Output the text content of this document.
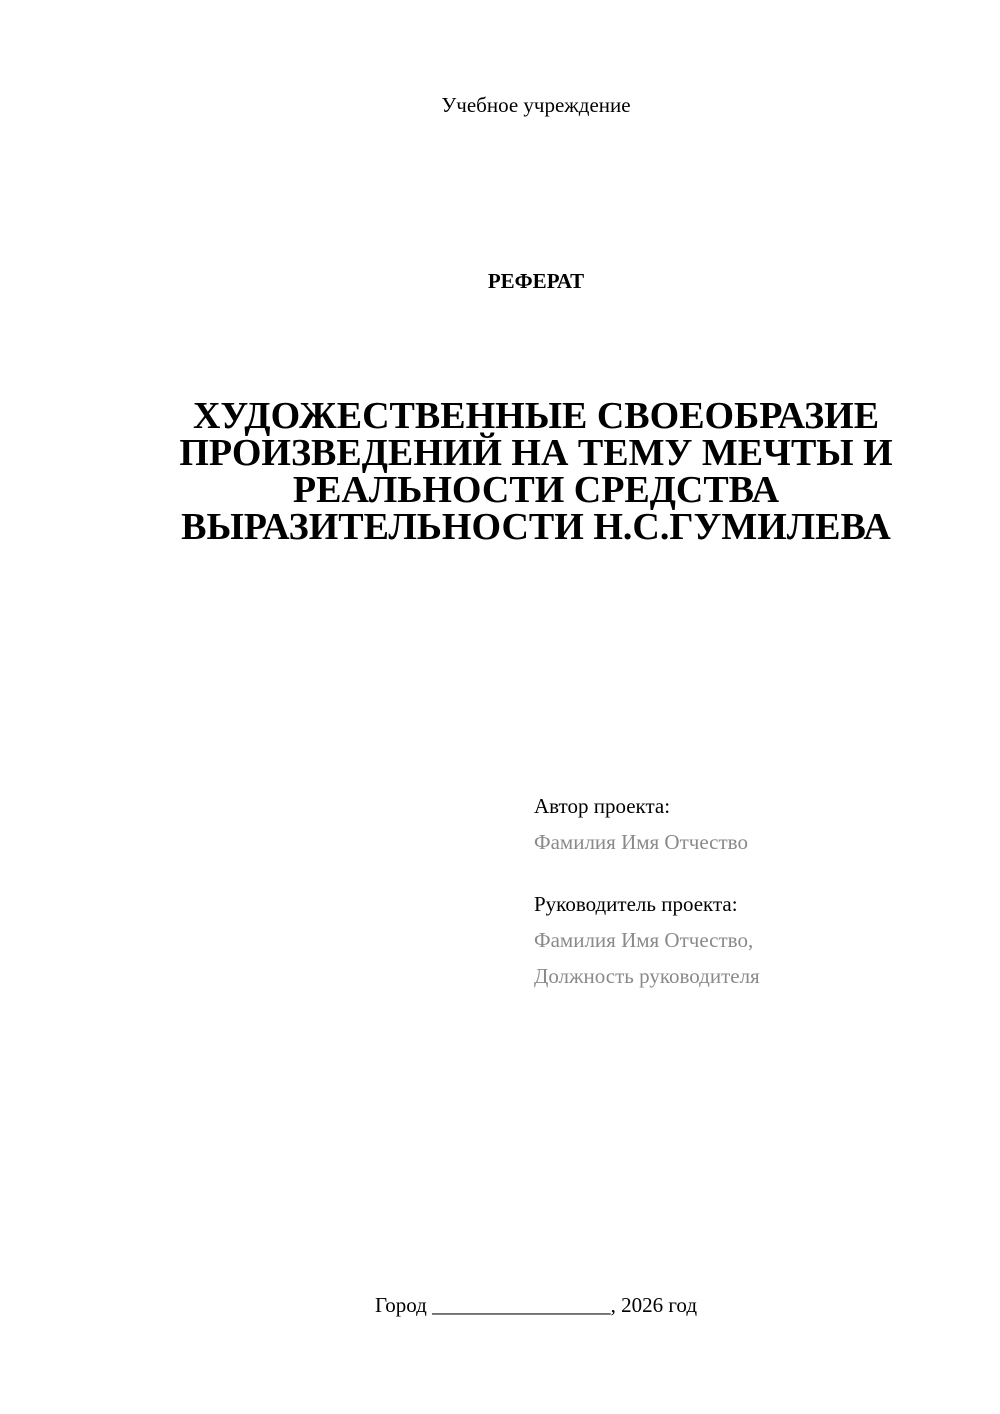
Учебное учреждение
РЕФЕРАТ
ХУДОЖЕСТВЕННЫЕ СВОЕОБРАЗИЕ
ПРОИЗВЕДЕНИЙ НА ТЕМУ МЕЧТЫ И
РЕАЛЬНОСТИ СРЕДСТВА
ВЫРАЗИТЕЛЬНОСТИ Н.С.ГУМИЛЕВА
Автор проекта:
Фамилия Имя Отчество
Руководитель проекта:
Фамилия Имя Отчество,
Должность руководителя
Город _________________, 2026 год
